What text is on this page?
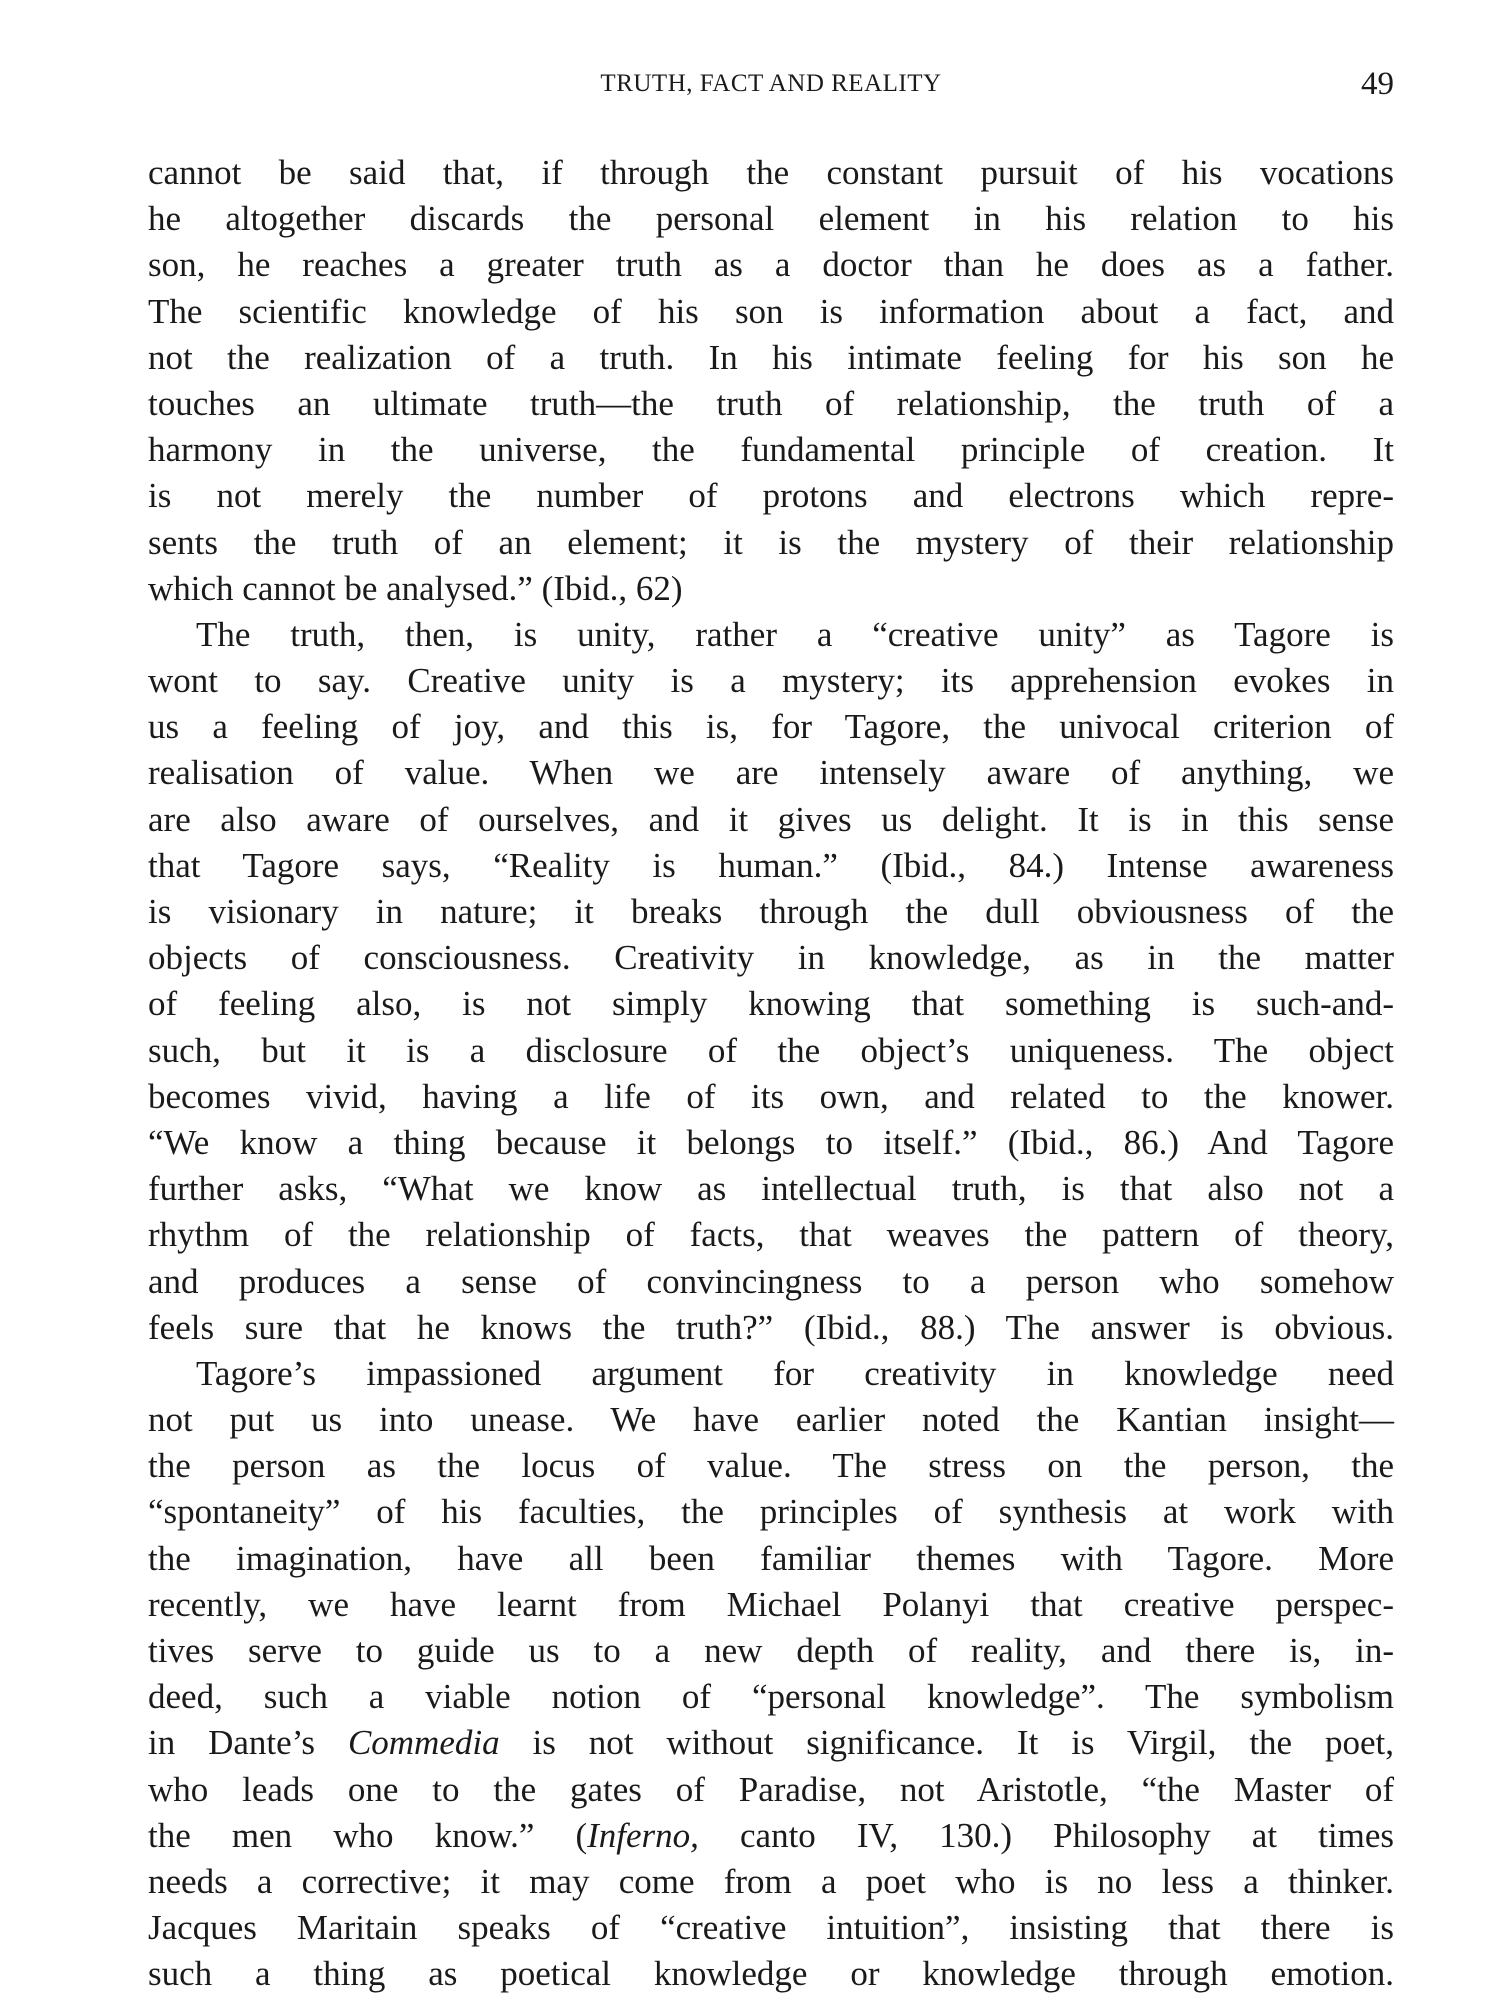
TRUTH, FACT AND REALITY	49
cannot be said that, if through the constant pursuit of his vocations
he altogether discards the personal element in his relation to his
son, he reaches a greater truth as a doctor than he does as a father.
The scientific knowledge of his son is information about a fact, and
not the realization of a truth. In his intimate feeling for his son he
touches an ultimate truth—the truth of relationship, the truth of a
harmony in the universe, the fundamental principle of creation. It
is not merely the number of protons and electrons which repre-
sents the truth of an element; it is the mystery of their relationship
which cannot be analysed.” (Ibid., 62)
The truth, then, is unity, rather a “creative unity” as Tagore is
wont to say. Creative unity is a mystery; its apprehension evokes in
us a feeling of joy, and this is, for Tagore, the univocal criterion of
realisation of value. When we are intensely aware of anything, we
are also aware of ourselves, and it gives us delight. It is in this sense
that Tagore says, “Reality is human.” (Ibid., 84.) Intense awareness
is visionary in nature; it breaks through the dull obviousness of the
objects of consciousness. Creativity in knowledge, as in the matter
of feeling also, is not simply knowing that something is such-and-
such, but it is a disclosure of the object’s uniqueness. The object
becomes vivid, having a life of its own, and related to the knower.
“We know a thing because it belongs to itself.” (Ibid., 86.) And Tagore
further asks, “What we know as intellectual truth, is that also not a
rhythm of the relationship of facts, that weaves the pattern of theory,
and produces a sense of convincingness to a person who somehow
feels sure that he knows the truth?” (Ibid., 88.) The answer is obvious.
Tagore’s impassioned argument for creativity in knowledge need
not put us into unease. We have earlier noted the Kantian insight—
the person as the locus of value. The stress on the person, the
“spontaneity” of his faculties, the principles of synthesis at work with
the imagination, have all been familiar themes with Tagore. More
recently, we have learnt from Michael Polanyi that creative perspec-
tives serve to guide us to a new depth of reality, and there is, in-
deed, such a viable notion of “personal knowledge”. The symbolism
in Dante’s Commedia is not without significance. It is Virgil, the poet,
who leads one to the gates of Paradise, not Aristotle, “the Master of
the men who know.” (Inferno, canto IV, 130.) Philosophy at times
needs a corrective; it may come from a poet who is no less a thinker.
Jacques Maritain speaks of “creative intuition”, insisting that there is
such a thing as poetical knowledge or knowledge through emotion.
